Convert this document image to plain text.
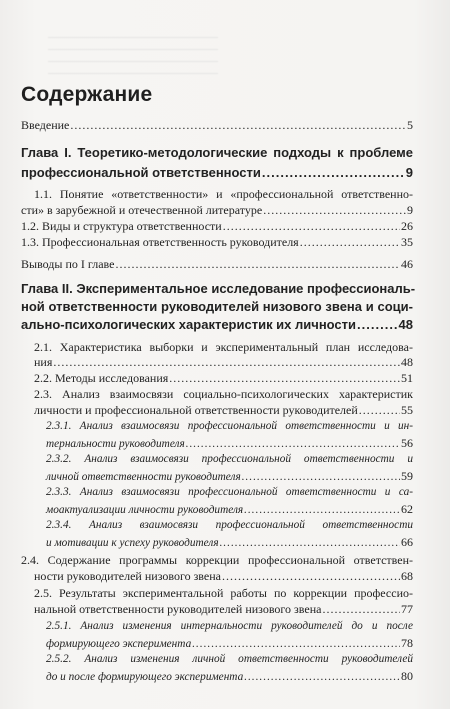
Содержание
Введение .....	5
Глава I. Теоретико-методологические подходы к проблеме
профессиональной ответственности .....	9
1.1. Понятие «ответственности» и «профессиональной ответственно-
сти» в зарубежной и отечественной литературе .....	9
1.2. Виды и структура ответственности .....	26
1.3. Профессиональная ответственность руководителя .....	35
Выводы по I главе .....	46
Глава II. Экспериментальное исследование профессиональ-
ной ответственности руководителей низового звена и соци-
ально-психологических характеристик их личности .....	48
2.1. Характеристика выборки и экспериментальный план исследова-
ния .....	48
2.2. Методы исследования .....	51
2.3. Анализ взаимосвязи социально-психологических характеристик
личности и профессиональной ответственности руководителей .....	55
2.3.1. Анализ взаимосвязи профессиональной ответственности и ин-
тернальности руководителя .....	56
2.3.2. Анализ взаимосвязи профессиональной ответственности и
личной ответственности руководителя .....	59
2.3.3. Анализ взаимосвязи профессиональной ответственности и са-
моактуализации личности руководителя .....	62
2.3.4. Анализ взаимосвязи профессиональной ответственности
и мотивации к успеху руководителя .....	66
2.4. Содержание программы коррекции профессиональной ответствен-
ности руководителей низового звена .....	68
2.5. Результаты экспериментальной работы по коррекции профессио-
нальной ответственности руководителей низового звена .....	77
2.5.1. Анализ изменения интернальности руководителей до и после
формирующего эксперимента .....	78
2.5.2. Анализ изменения личной ответственности руководителей
до и после формирующего эксперимента .....	80
